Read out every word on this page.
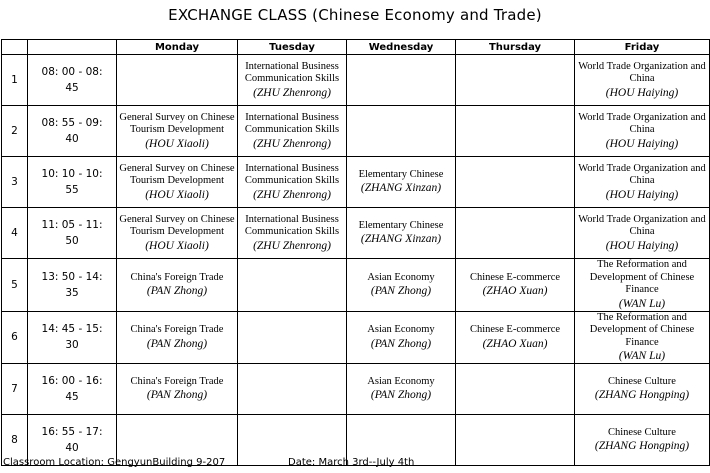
EXCHANGE CLASS (Chinese Economy and Trade)
		Monday	Tuesday	Wednesday	Thursday	Friday
1	08: 00 - 08:
45		International Business Communication Skills
(ZHU Zhenrong)			World Trade Organization and China
(HOU Haiying)

2	08: 55 - 09:
40	General Survey on Chinese Tourism Development
(HOU Xiaoli)	International Business Communication Skills
(ZHU Zhenrong)			World Trade Organization and China
(HOU Haiying)

3	10: 10 - 10:
55	General Survey on Chinese Tourism Development
(HOU Xiaoli)	International Business Communication Skills
(ZHU Zhenrong)	Elementary Chinese
(ZHANG Xinzan)		World Trade Organization and China
(HOU Haiying)

4	11: 05 - 11:
50	General Survey on Chinese Tourism Development
(HOU Xiaoli)	International Business Communication Skills
(ZHU Zhenrong)	Elementary Chinese
(ZHANG Xinzan)		World Trade Organization and China
(HOU Haiying)

5	13: 50 - 14:
35	China's Foreign Trade
(PAN Zhong)		Asian Economy
(PAN Zhong)	Chinese E-commerce
(ZHAO Xuan)	The Reformation and Development of Chinese Finance
(WAN Lu)

6	14: 45 - 15:
30	China's Foreign Trade
(PAN Zhong)		Asian Economy
(PAN Zhong)	Chinese E-commerce
(ZHAO Xuan)	The Reformation and Development of Chinese Finance
(WAN Lu)

7	16: 00 - 16:
45	China's Foreign Trade
(PAN Zhong)		Asian Economy
(PAN Zhong)		Chinese Culture
(ZHANG Hongping)

8	16: 55 - 17:
40					Chinese Culture
(ZHANG Hongping)
Classroom Location: GengyunBuilding 9-207	Date: March 3rd--July 4th
